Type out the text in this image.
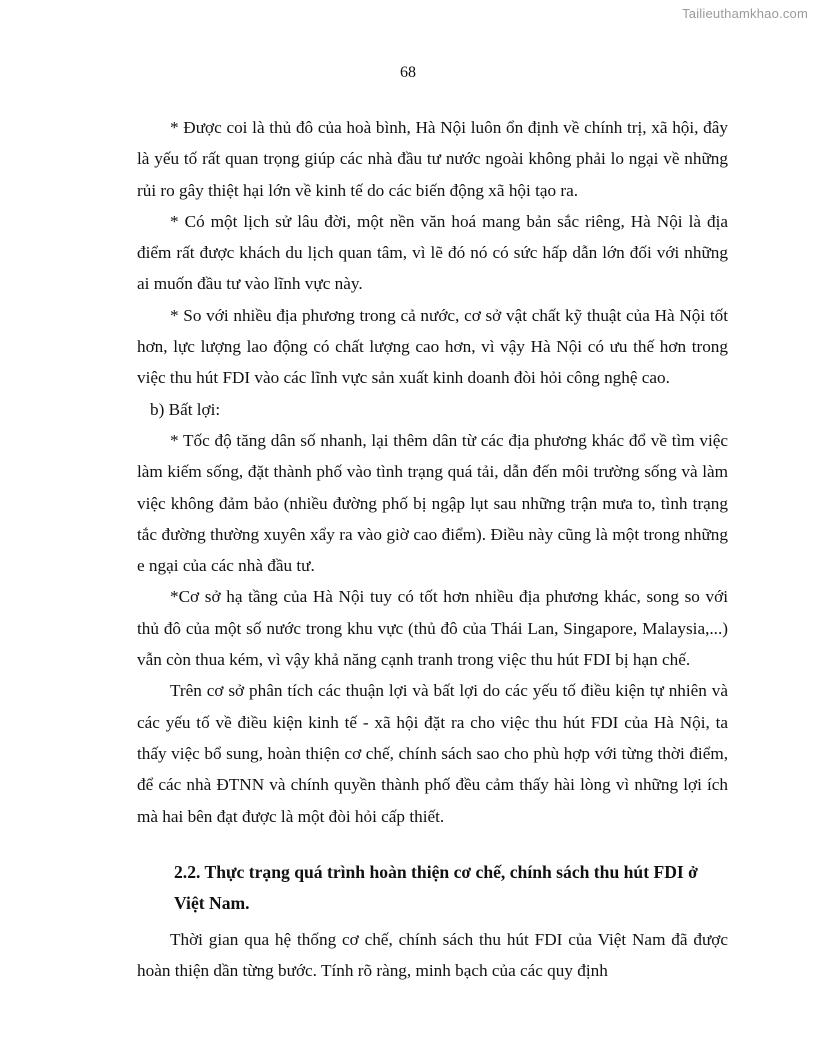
Tailieuthamkhao.com
68

* Được coi là thủ đô của hoà bình, Hà Nội luôn ổn định về chính trị, xã hội, đây là yếu tố rất quan trọng giúp các nhà đầu tư nước ngoài không phải lo ngại về những rủi ro gây thiệt hại lớn về kinh tế do các biến động xã hội tạo ra.

* Có một lịch sử lâu đời, một nền văn hoá mang bản sắc riêng, Hà Nội là địa điểm rất được khách du lịch quan tâm, vì lẽ đó nó có sức hấp dẫn lớn đối với những ai muốn đầu tư vào lĩnh vực này.

* So với nhiều địa phương trong cả nước, cơ sở vật chất kỹ thuật của Hà Nội tốt hơn, lực lượng lao động có chất lượng cao hơn, vì vậy Hà Nội có ưu thế hơn trong việc thu hút FDI vào các lĩnh vực sản xuất kinh doanh đòi hỏi công nghệ cao.

b) Bất lợi:

* Tốc độ tăng dân số nhanh, lại thêm dân từ các địa phương khác đổ về tìm việc làm kiếm sống, đặt thành phố vào tình trạng quá tải, dẫn đến môi trường sống và làm việc không đảm bảo (nhiều đường phố bị ngập lụt sau những trận mưa to, tình trạng tắc đường thường xuyên xẩy ra vào giờ cao điểm). Điều này cũng là một trong những e ngại của các nhà đầu tư.

*Cơ sở hạ tầng của Hà Nội tuy có tốt hơn nhiều địa phương khác, song so với thủ đô của một số nước trong khu vực (thủ đô của Thái Lan, Singapore, Malaysia,...) vẫn còn thua kém, vì vậy khả năng cạnh tranh trong việc thu hút FDI bị hạn chế.

Trên cơ sở phân tích các thuận lợi và bất lợi do các yếu tố điều kiện tự nhiên và các yếu tố về điều kiện kinh tế - xã hội đặt ra cho việc thu hút FDI của Hà Nội, ta thấy việc bổ sung, hoàn thiện cơ chế, chính sách sao cho phù hợp với từng thời điểm, để các nhà ĐTNN và chính quyền thành phố đều cảm thấy hài lòng vì những lợi ích mà hai bên đạt được là một đòi hỏi cấp thiết.

2.2. Thực trạng quá trình hoàn thiện cơ chế, chính sách thu hút FDI ở Việt Nam.

Thời gian qua hệ thống cơ chế, chính sách thu hút FDI của Việt Nam đã được hoàn thiện dần từng bước. Tính rõ ràng, minh bạch của các quy định
